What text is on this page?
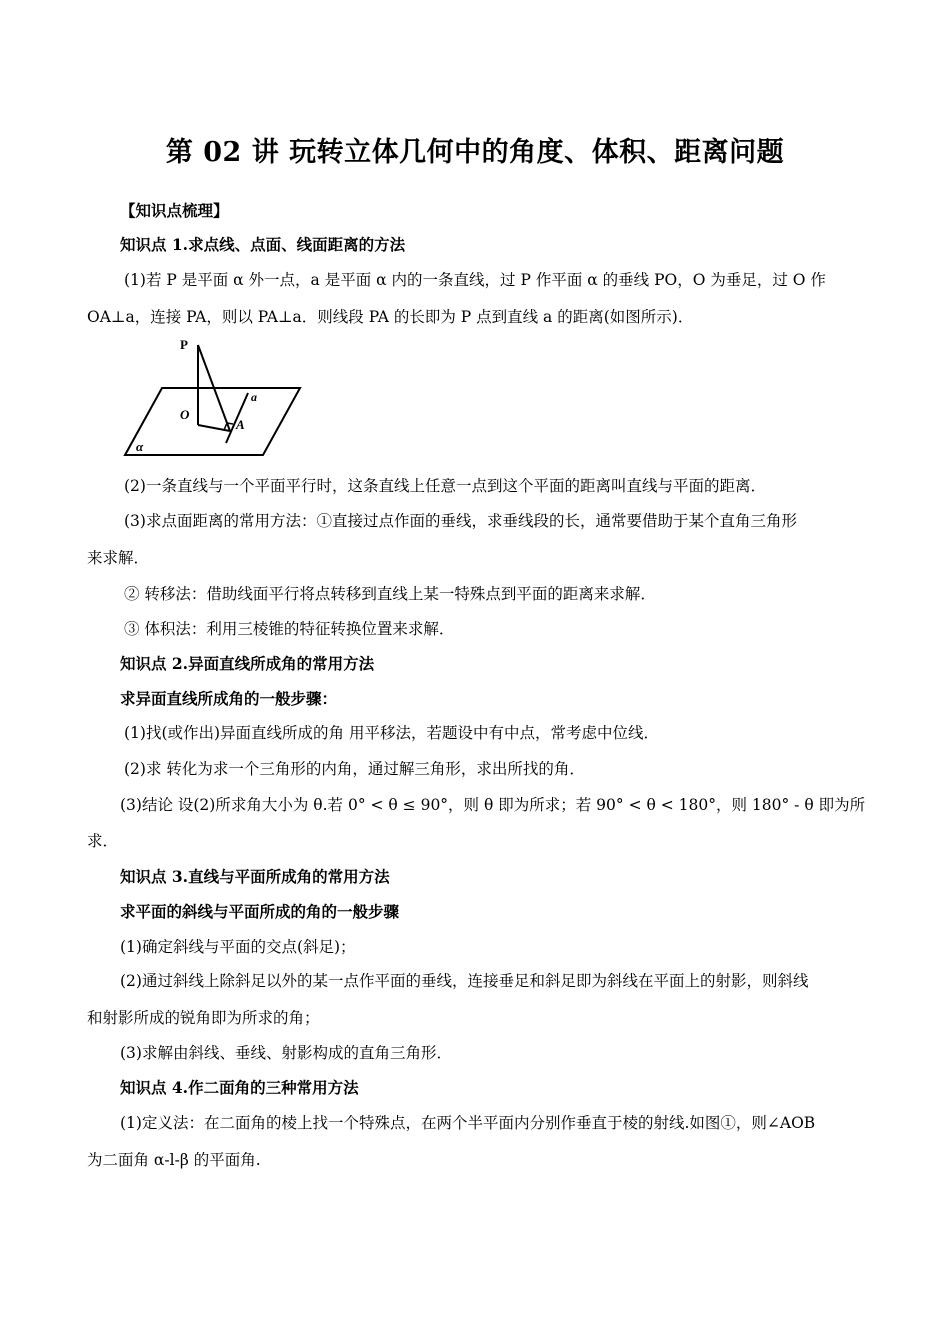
第 02 讲 玩转立体几何中的角度、体积、距离问题
【知识点梳理】
知识点 1.求点线、点面、线面距离的方法
(1)若 P 是平面 α 外一点，a 是平面 α 内的一条直线，过 P 作平面 α 的垂线 PO，O 为垂足，过 O 作
OA⊥a，连接 PA，则以 PA⊥a．则线段 PA 的长即为 P 点到直线 a 的距离(如图所示)．
P
O
A
a
α
(2)一条直线与一个平面平行时，这条直线上任意一点到这个平面的距离叫直线与平面的距离．
(3)求点面距离的常用方法：①直接过点作面的垂线，求垂线段的长，通常要借助于某个直角三角形
来求解．
② 转移法：借助线面平行将点转移到直线上某一特殊点到平面的距离来求解．
③ 体积法：利用三棱锥的特征转换位置来求解．
知识点 2.异面直线所成角的常用方法
求异面直线所成角的一般步骤：
(1)找(或作出)异面直线所成的角 用平移法，若题设中有中点，常考虑中位线．
(2)求 转化为求一个三角形的内角，通过解三角形，求出所找的角．
(3)结论 设(2)所求角大小为 θ.若 0° < θ ≤ 90°，则 θ 即为所求；若 90° < θ < 180°，则 180° - θ 即为所
求．
知识点 3.直线与平面所成角的常用方法
求平面的斜线与平面所成的角的一般步骤
(1)确定斜线与平面的交点(斜足)；
(2)通过斜线上除斜足以外的某一点作平面的垂线，连接垂足和斜足即为斜线在平面上的射影，则斜线
和射影所成的锐角即为所求的角；
(3)求解由斜线、垂线、射影构成的直角三角形．
知识点 4.作二面角的三种常用方法
(1)定义法：在二面角的棱上找一个特殊点，在两个半平面内分别作垂直于棱的射线.如图①，则∠AOB
为二面角 α-l-β 的平面角.
